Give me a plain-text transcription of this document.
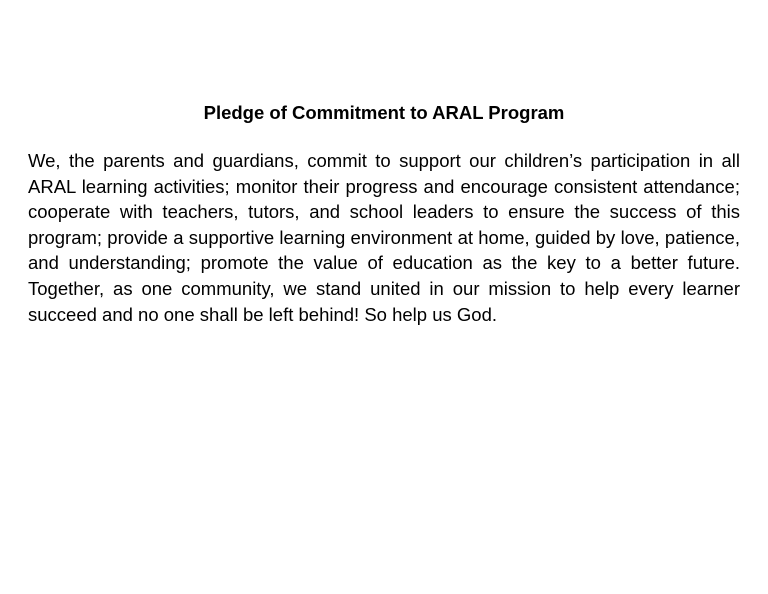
Pledge of Commitment to ARAL Program

We, the parents and guardians, commit to support our children’s participation in all ARAL learning activities; monitor their progress and encourage consistent attendance; cooperate with teachers, tutors, and school leaders to ensure the success of this program; provide a supportive learning environment at home, guided by love, patience, and understanding; promote the value of education as the key to a better future. Together, as one community, we stand united in our mission to help every learner succeed and no one shall be left behind! So help us God.
